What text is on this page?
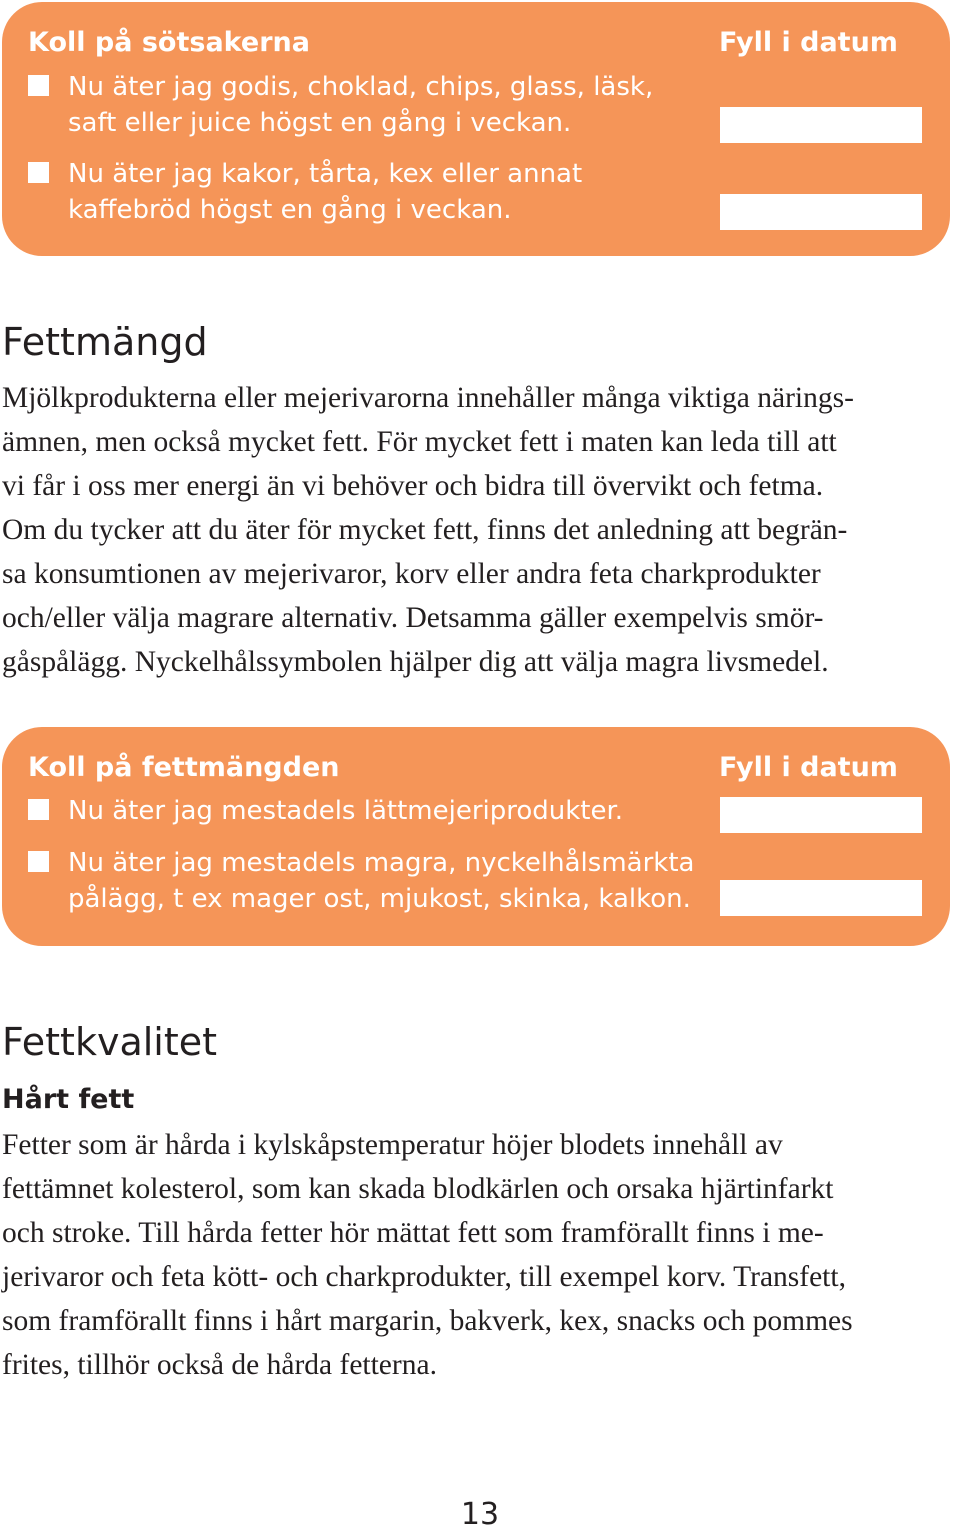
Koll på sötsakerna	Fyll i datum
Nu äter jag godis, choklad, chips, glass, läsk,
saft eller juice högst en gång i veckan.
Nu äter jag kakor, tårta, kex eller annat
kaffebröd högst en gång i veckan.
Fettmängd

Mjölkprodukterna eller mejerivarorna innehåller många viktiga närings-
ämnen, men också mycket fett. För mycket fett i maten kan leda till att
vi får i oss mer energi än vi behöver och bidra till övervikt och fetma.
Om du tycker att du äter för mycket fett, finns det anledning att begrän-
sa konsumtionen av mejerivaror, korv eller andra feta charkprodukter
och/eller välja magrare alternativ. Detsamma gäller exempelvis smör-
gåspålägg. Nyckelhålssymbolen hjälper dig att välja magra livsmedel.

Koll på fettmängden	Fyll i datum
Nu äter jag mestadels lättmejeriprodukter.
Nu äter jag mestadels magra, nyckelhålsmärkta
pålägg, t ex mager ost, mjukost, skinka, kalkon.
Fettkvalitet
Hårt fett

Fetter som är hårda i kylskåpstemperatur höjer blodets innehåll av
fettämnet kolesterol, som kan skada blodkärlen och orsaka hjärtinfarkt
och stroke. Till hårda fetter hör mättat fett som framförallt finns i me-
jerivaror och feta kött- och charkprodukter, till exempel korv. Transfett,
som framförallt finns i hårt margarin, bakverk, kex, snacks och pommes
frites, tillhör också de hårda fetterna.

13
